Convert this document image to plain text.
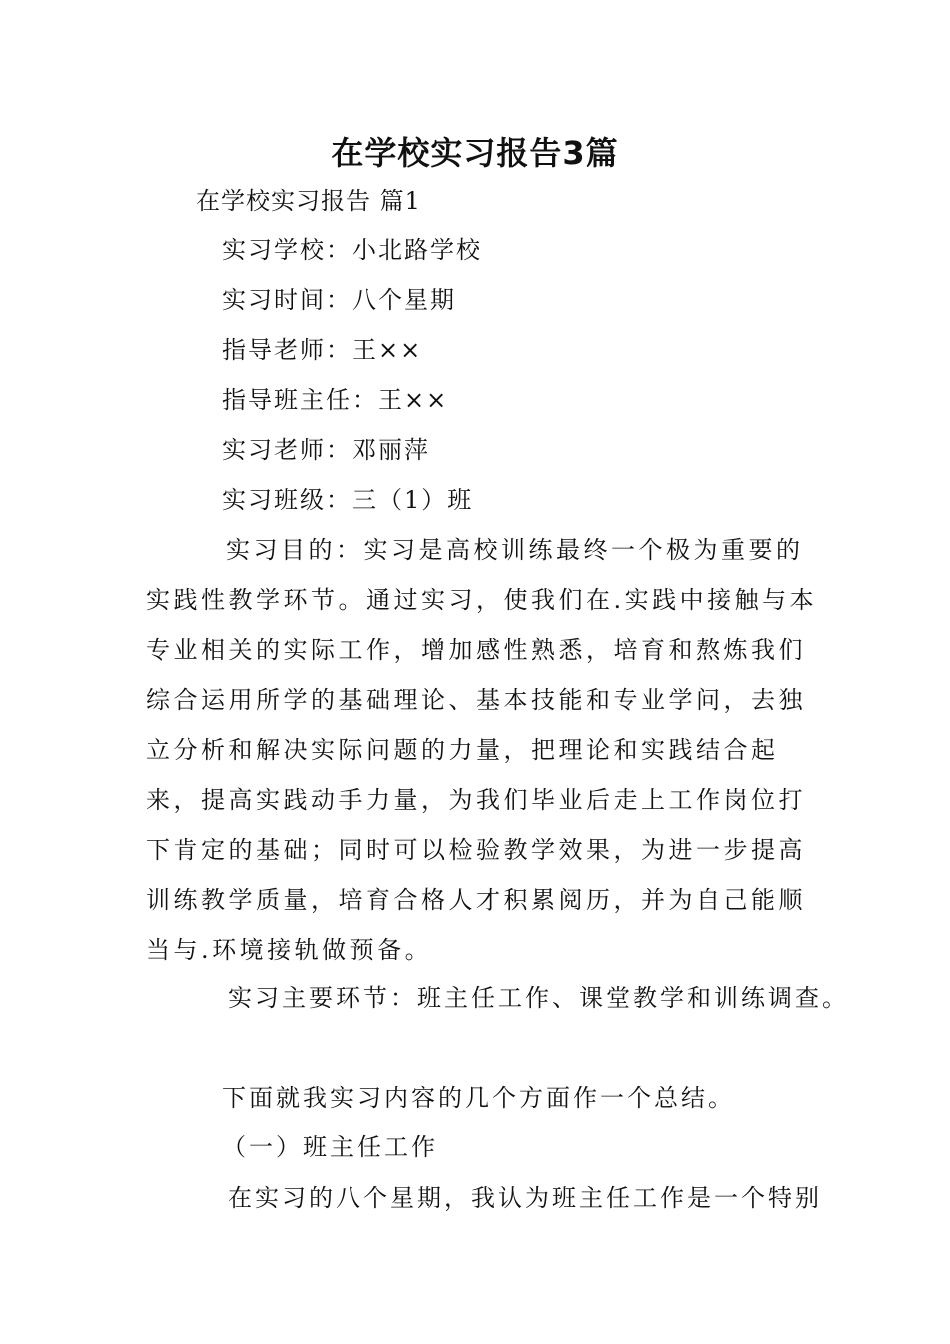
在学校实习报告3篇
在学校实习报告 篇1
实习学校：小北路学校
实习时间：八个星期
指导老师：王××
指导班主任：王××
实习老师：邓丽萍
实习班级：三（1）班

实习目的：实习是高校训练最终一个极为重要的实践性教学环节。通过实习，使我们在.实践中接触与本专业相关的实际工作，增加感性熟悉，培育和熬炼我们综合运用所学的基础理论、基本技能和专业学问，去独立分析和解决实际问题的力量，把理论和实践结合起来，提高实践动手力量，为我们毕业后走上工作岗位打下肯定的基础；同时可以检验教学效果，为进一步提高训练教学质量，培育合格人才积累阅历，并为自己能顺当与.环境接轨做预备。

实习主要环节：班主任工作、课堂教学和训练调查。
下面就我实习内容的几个方面作一个总结。
（一）班主任工作
在实习的八个星期，我认为班主任工作是一个特别
